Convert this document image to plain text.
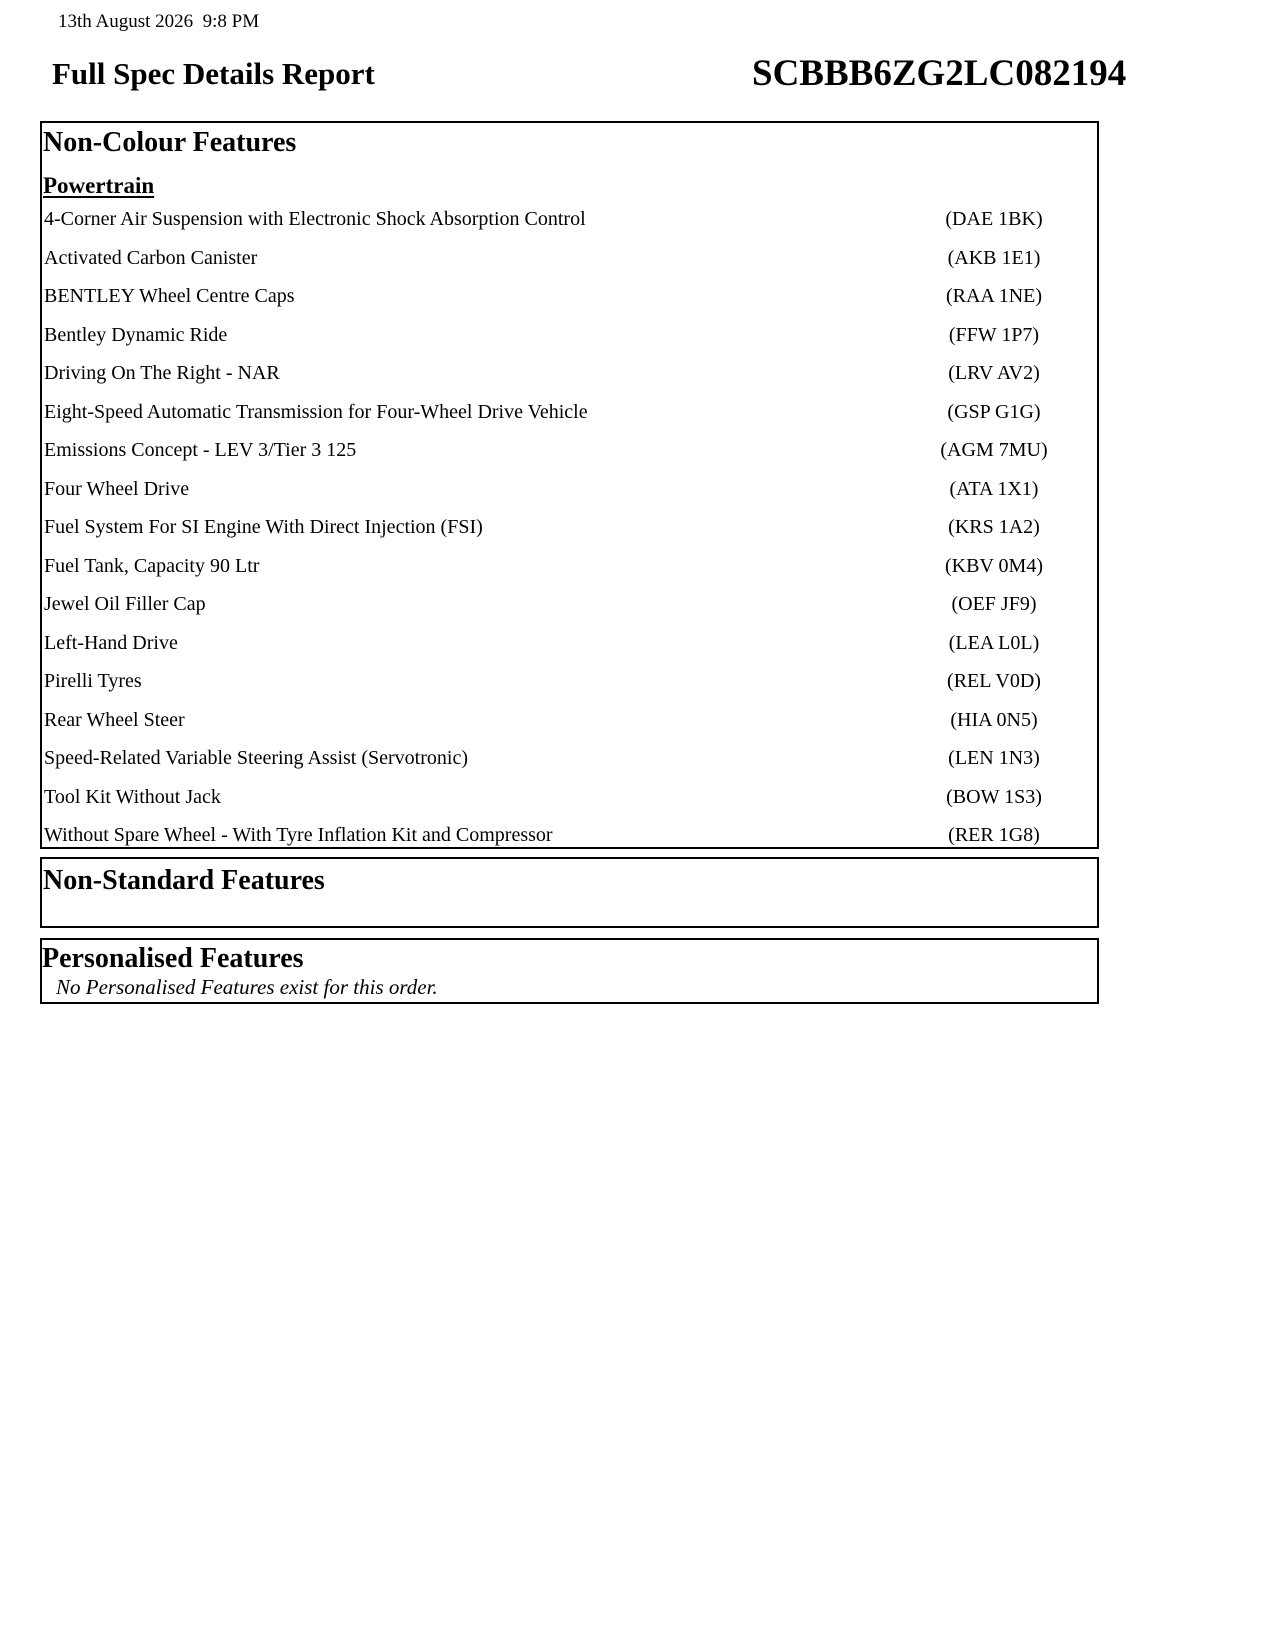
13th August 2026  9:8 PM
Full Spec Details Report	SCBBB6ZG2LC082194
Non-Colour Features
Powertrain
4-Corner Air Suspension with Electronic Shock Absorption Control	(DAE 1BK)
Activated Carbon Canister	(AKB 1E1)
BENTLEY Wheel Centre Caps	(RAA 1NE)
Bentley Dynamic Ride	(FFW 1P7)
Driving On The Right - NAR	(LRV AV2)
Eight-Speed Automatic Transmission for Four-Wheel Drive Vehicle	(GSP G1G)
Emissions Concept - LEV 3/Tier 3 125	(AGM 7MU)
Four Wheel Drive	(ATA 1X1)
Fuel System For SI Engine With Direct Injection (FSI)	(KRS 1A2)
Fuel Tank, Capacity 90 Ltr	(KBV 0M4)
Jewel Oil Filler Cap	(OEF JF9)
Left-Hand Drive	(LEA L0L)
Pirelli Tyres	(REL V0D)
Rear Wheel Steer	(HIA 0N5)
Speed-Related Variable Steering Assist (Servotronic)	(LEN 1N3)
Tool Kit Without Jack	(BOW 1S3)
Without Spare Wheel - With Tyre Inflation Kit and Compressor	(RER 1G8)
Non-Standard Features
Personalised Features
No Personalised Features exist for this order.
